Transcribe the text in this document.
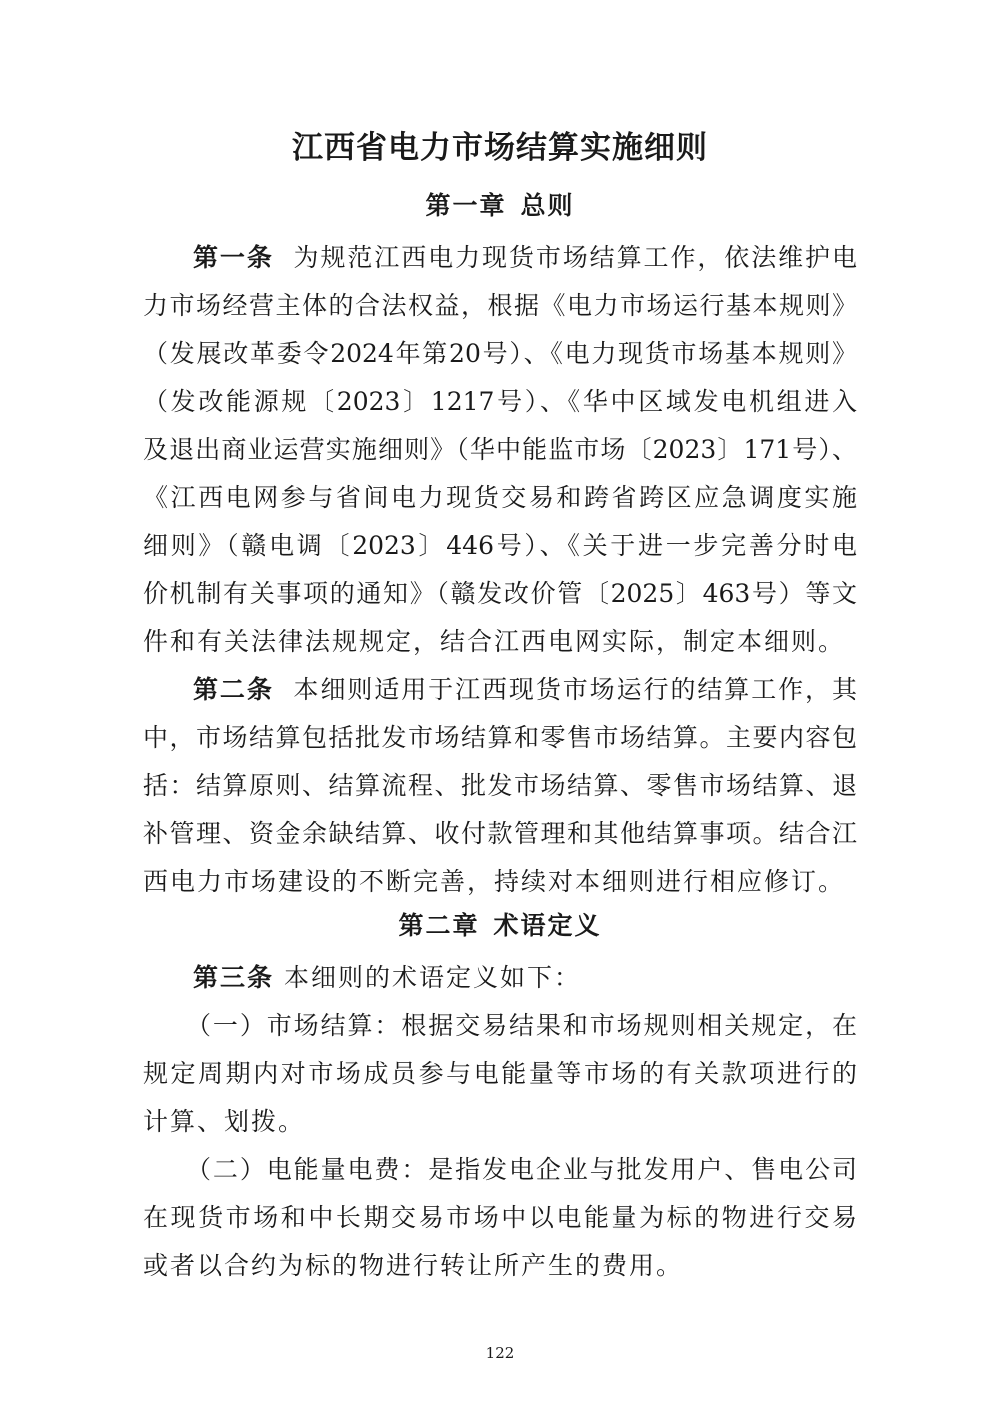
江西省电力市场结算实施细则
第一章 总则
第一条 为规范江西电力现货市场结算工作，依法维护电
力市场经营主体的合法权益，根据《电力市场运行基本规则》
（发展改革委令2024年第20号）、《电力现货市场基本规则》
（发改能源规〔2023〕1217号）、《华中区域发电机组进入
及退出商业运营实施细则》（华中能监市场〔2023〕171号）、
《江西电网参与省间电力现货交易和跨省跨区应急调度实施
细则》（赣电调〔2023〕446号）、《关于进一步完善分时电
价机制有关事项的通知》（赣发改价管〔2025〕463号）等文
件和有关法律法规规定，结合江西电网实际，制定本细则。
第二条 本细则适用于江西现货市场运行的结算工作，其
中，市场结算包括批发市场结算和零售市场结算。主要内容包
括：结算原则、结算流程、批发市场结算、零售市场结算、退
补管理、资金余缺结算、收付款管理和其他结算事项。结合江
西电力市场建设的不断完善，持续对本细则进行相应修订。
第二章 术语定义
第三条 本细则的术语定义如下：
（一）市场结算：根据交易结果和市场规则相关规定，在
规定周期内对市场成员参与电能量等市场的有关款项进行的
计算、划拨。
（二）电能量电费：是指发电企业与批发用户、售电公司
在现货市场和中长期交易市场中以电能量为标的物进行交易
或者以合约为标的物进行转让所产生的费用。
122
